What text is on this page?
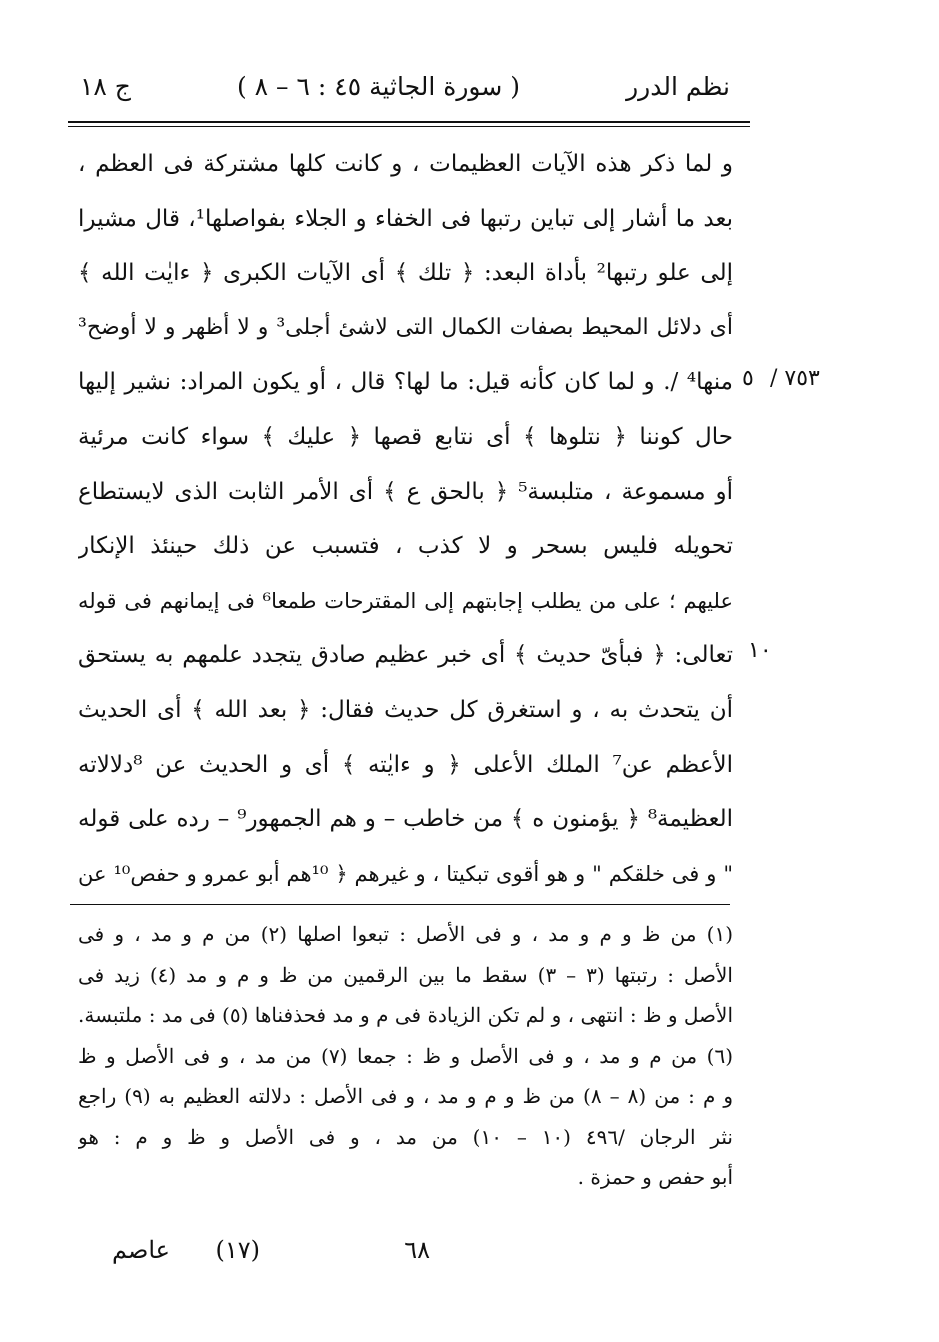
نظم الدرر
( سورة الجاثية ٤٥ : ٦ – ٨ )
ج ١٨
٥ / ٧٥٣
١٠
و لما ذكر هذه الآيات العظيمات ، و كانت كلها مشتركة فى العظم ،
بعد ما أشار إلى تباين رتبها فى الخفاء و الجلاء بفواصلها¹، قال مشيرا
إلى علو رتبها² بأداة البعد: ﴿ تلك ﴾ أى الآيات الكبرى ﴿ ءايٰت الله ﴾
أى دلائل المحيط بصفات الكمال التى لاشئ أجلى³ و لا أظهر و لا أوضح³
منها⁴ /. و لما كان كأنه قيل: ما لها؟ قال ، أو يكون المراد: نشير إليها
حال كوننا ﴿ نتلوها ﴾ أى نتابع قصها ﴿ عليك ﴾ سواء كانت مرئية
أو مسموعة ، متلبسة⁵ ﴿ بالحق ع ﴾ أى الأمر الثابت الذى لايستطاع
تحويله فليس بسحر و لا كذب ، فتسبب عن ذلك حينئذ الإنكار
عليهم ؛ على من يطلب إجابتهم إلى المقترحات طمعا⁶ فى إيمانهم فى قوله
تعالى: ﴿ فبأىّ حديث ﴾ أى خبر عظيم صادق يتجدد علمهم به يستحق
أن يتحدث به ، و استغرق كل حديث فقال: ﴿ بعد الله ﴾ أى الحديث
الأعظم عن⁷ الملك الأعلى ﴿ و ءايٰته ﴾ أى و الحديث عن ⁸دلالاته
العظيمة⁸ ﴿ يؤمنون ه ﴾ من خاطب – و هم الجمهور⁹ – رده على قوله
" و فى خلقكم " و هو أقوى تبكيتا ، و غيرهم ﴿ ¹⁰هم أبو عمرو و حفص¹⁰ عن
(١) من ظ و م و مد ، و فى الأصل : تبعوا اصلها (٢) من م و مد ، و فى
الأصل : رتبتها (٣ – ٣) سقط ما بين الرقمين من ظ و م و مد (٤) زيد فى
الأصل و ظ : انتهى ، و لم تكن الزيادة فى م و مد فحذفناها (٥) فى مد : ملتبسة.
(٦) من م و مد ، و فى الأصل و ظ : جمعا (٧) من مد ، و فى الأصل و ظ
و م : من (٨ – ٨) من ظ و م و مد ، و فى الأصل : دلالته العظيم به (٩) راجع
نثر الرجان /٤٩٦ (١٠ – ١٠) من مد ، و فى الأصل و ظ و م : هو
أبو حفص و حمزة .
٦٨
(١٧)
عاصم
